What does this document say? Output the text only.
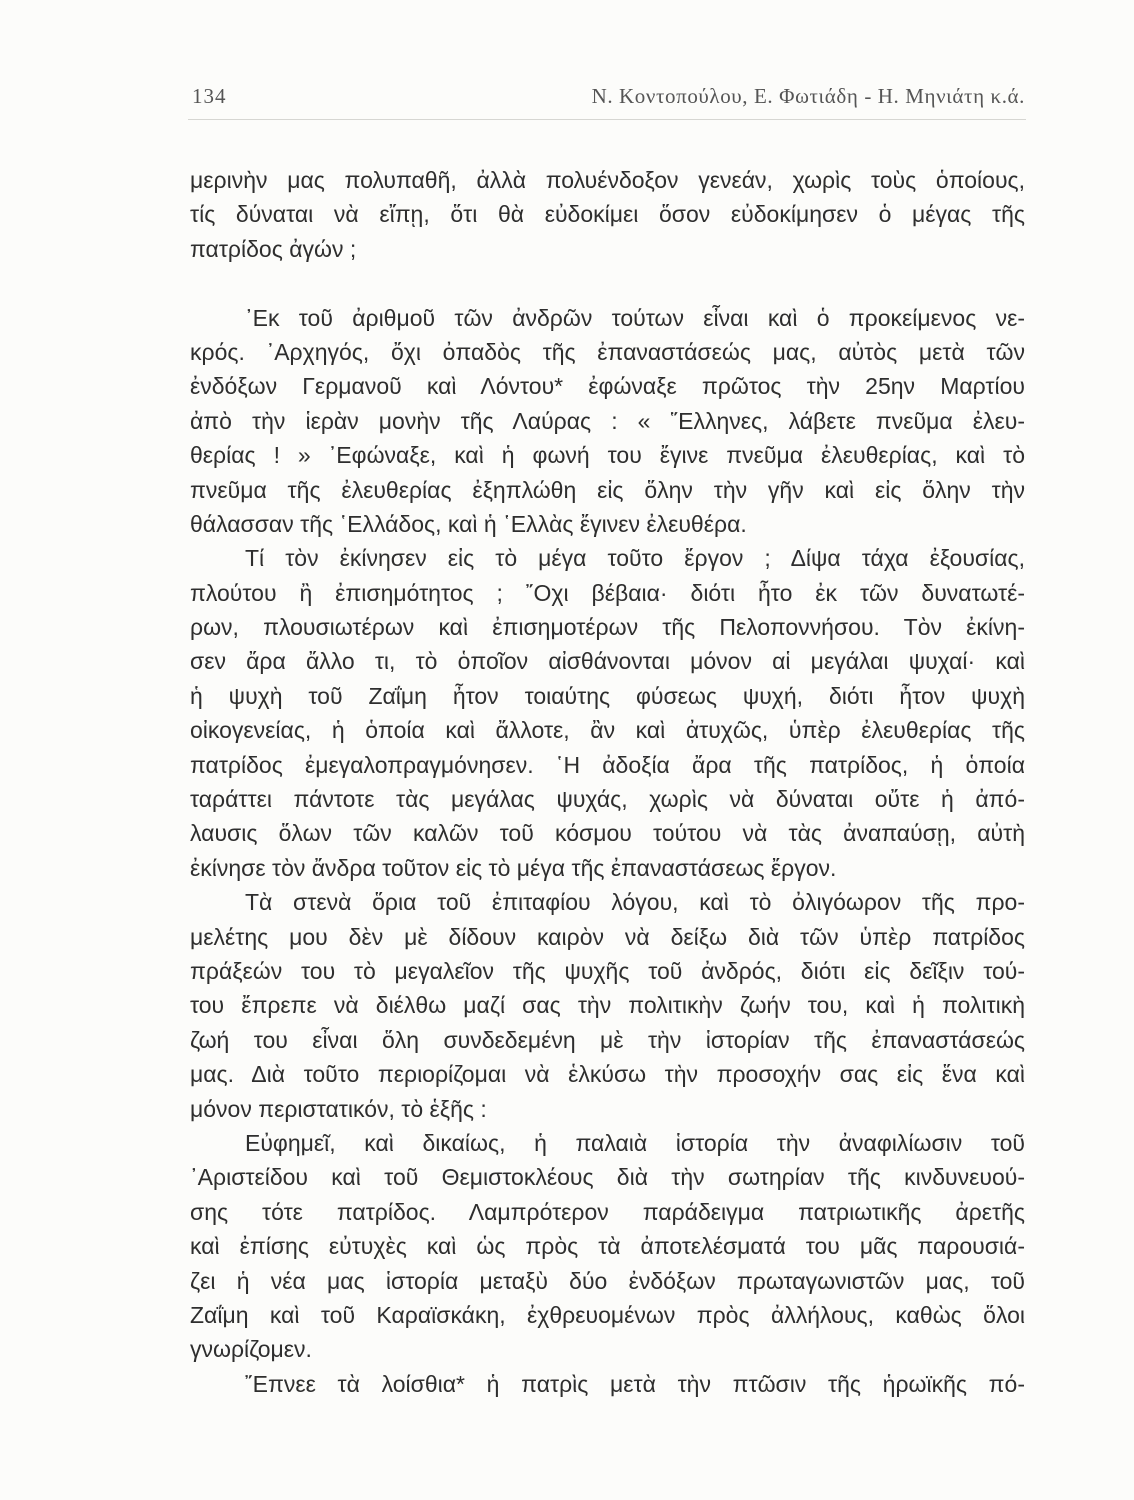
134	Ν. Κοντοπούλου, Ε. Φωτιάδη - Η. Μηνιάτη κ.ά.
μερινὴν μας πολυπαθῆ, ἀλλὰ πολυένδοξον γενεάν, χωρὶς τοὺς ὁποίους,
τίς δύναται νὰ εἴπῃ, ὅτι θὰ εὐδοκίμει ὅσον εὐδοκίμησεν ὁ μέγας τῆς
πατρίδος ἀγών ;
᾿Εκ τοῦ ἀριθμοῦ τῶν ἀνδρῶν τούτων εἶναι καὶ ὁ προκείμενος νε-
κρός. ᾿Αρχηγός, ὄχι ὀπαδὸς τῆς ἐπαναστάσεώς μας, αὐτὸς μετὰ τῶν
ἐνδόξων Γερμανοῦ καὶ Λόντου* ἐφώναξε πρῶτος τὴν 25ην Μαρτίου
ἀπὸ τὴν ἱερὰν μονὴν τῆς Λαύρας : « ῞Ελληνες, λάβετε πνεῦμα ἐλευ-
θερίας ! » ᾿Εφώναξε, καὶ ἡ φωνή του ἔγινε πνεῦμα ἐλευθερίας, καὶ τὸ
πνεῦμα τῆς ἐλευθερίας ἐξηπλώθη εἰς ὅλην τὴν γῆν καὶ εἰς ὅλην τὴν
θάλασσαν τῆς ῾Ελλάδος, καὶ ἡ ῾Ελλὰς ἔγινεν ἐλευθέρα.
Τί τὸν ἐκίνησεν εἰς τὸ μέγα τοῦτο ἔργον ; Δίψα τάχα ἐξουσίας,
πλούτου ἢ ἐπισημότητος ; ῎Οχι βέβαια· διότι ἦτο ἐκ τῶν δυνατωτέ-
ρων, πλουσιωτέρων καὶ ἐπισημοτέρων τῆς Πελοποννήσου. Τὸν ἐκίνη-
σεν ἄρα ἄλλο τι, τὸ ὁποῖον αἰσθάνονται μόνον αἱ μεγάλαι ψυχαί· καὶ
ἡ ψυχὴ τοῦ Ζαΐμη ἦτον τοιαύτης φύσεως ψυχή, διότι ἦτον ψυχὴ
οἰκογενείας, ἡ ὁποία καὶ ἄλλοτε, ἂν καὶ ἀτυχῶς, ὑπὲρ ἐλευθερίας τῆς
πατρίδος ἐμεγαλοπραγμόνησεν. ῾Η ἀδοξία ἄρα τῆς πατρίδος, ἡ ὁποία
ταράττει πάντοτε τὰς μεγάλας ψυχάς, χωρὶς νὰ δύναται οὔτε ἡ ἀπό-
λαυσις ὅλων τῶν καλῶν τοῦ κόσμου τούτου νὰ τὰς ἀναπαύσῃ, αὐτὴ
ἐκίνησε τὸν ἄνδρα τοῦτον εἰς τὸ μέγα τῆς ἐπαναστάσεως ἔργον.
Τὰ στενὰ ὅρια τοῦ ἐπιταφίου λόγου, καὶ τὸ ὀλιγόωρον τῆς προ-
μελέτης μου δὲν μὲ δίδουν καιρὸν νὰ δείξω διὰ τῶν ὑπὲρ πατρίδος
πράξεών του τὸ μεγαλεῖον τῆς ψυχῆς τοῦ ἀνδρός, διότι εἰς δεῖξιν τού-
του ἔπρεπε νὰ διέλθω μαζί σας τὴν πολιτικὴν ζωήν του, καὶ ἡ πολιτικὴ
ζωή του εἶναι ὅλη συνδεδεμένη μὲ τὴν ἱστορίαν τῆς ἐπαναστάσεώς
μας. Διὰ τοῦτο περιορίζομαι νὰ ἑλκύσω τὴν προσοχήν σας εἰς ἕνα καὶ
μόνον περιστατικόν, τὸ ἑξῆς :
Εὐφημεῖ, καὶ δικαίως, ἡ παλαιὰ ἱστορία τὴν ἀναφιλίωσιν τοῦ
᾿Αριστείδου καὶ τοῦ Θεμιστοκλέους διὰ τὴν σωτηρίαν τῆς κινδυνευού-
σης τότε πατρίδος. Λαμπρότερον παράδειγμα πατριωτικῆς ἀρετῆς
καὶ ἐπίσης εὐτυχὲς καὶ ὡς πρὸς τὰ ἀποτελέσματά του μᾶς παρουσιά-
ζει ἡ νέα μας ἱστορία μεταξὺ δύο ἐνδόξων πρωταγωνιστῶν μας, τοῦ
Ζαΐμη καὶ τοῦ Καραϊσκάκη, ἐχθρευομένων πρὸς ἀλλήλους, καθὼς ὅλοι
γνωρίζομεν.
῎Επνεε τὰ λοίσθια* ἡ πατρὶς μετὰ τὴν πτῶσιν τῆς ἡρωϊκῆς πό-
